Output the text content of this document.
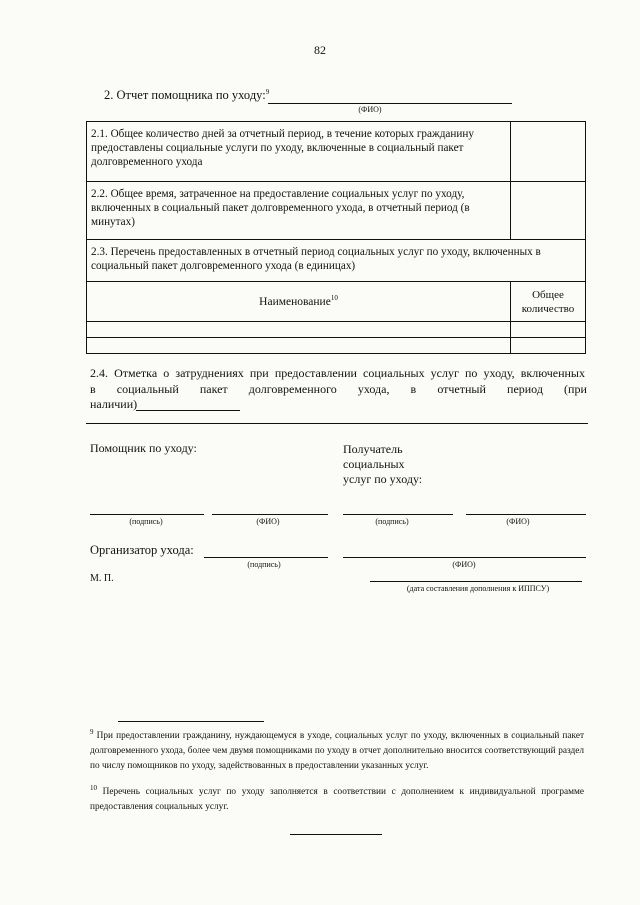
82
2. Отчет помощника по уходу:$^9$
(ФИО)
2.1. Общее количество дней за отчетный период, в течение которых гражданину предоставлены социальные услуги по уходу, включенные в социальный пакет долговременного ухода	

2.2. Общее время, затраченное на предоставление социальных услуг по уходу, включенных в социальный пакет долговременного ухода, в отчетный период (в минутах)	

2.3. Перечень предоставленных в отчетный период социальных услуг по уходу, включенных в социальный пакет долговременного ухода (в единицах)	

Наименование$^{10}$	Общее количество

2.4. Отметка о затруднениях при предоставлении социальных услуг по уходу, включенных
в социальный пакет долговременного ухода, в отчетный период (при
наличии)
Помощник по уходу:	Получатель социальных услуг по уходу:
(подпись)	(ФИО)	(подпись)	(ФИО)
Организатор ухода:
(подпись)	(ФИО)
М. П.
(дата составления дополнения к ИППСУ)
$^9$ При предоставлении гражданину, нуждающемуся в уходе, социальных услуг по уходу, включенных в социальный пакет долговременного ухода, более чем двумя помощниками по уходу в отчет дополнительно вносится соответствующий раздел по числу помощников по уходу, задействованных в предоставлении указанных услуг.
$^{10}$ Перечень социальных услуг по уходу заполняется в соответствии с дополнением к индивидуальной программе предоставления социальных услуг.
